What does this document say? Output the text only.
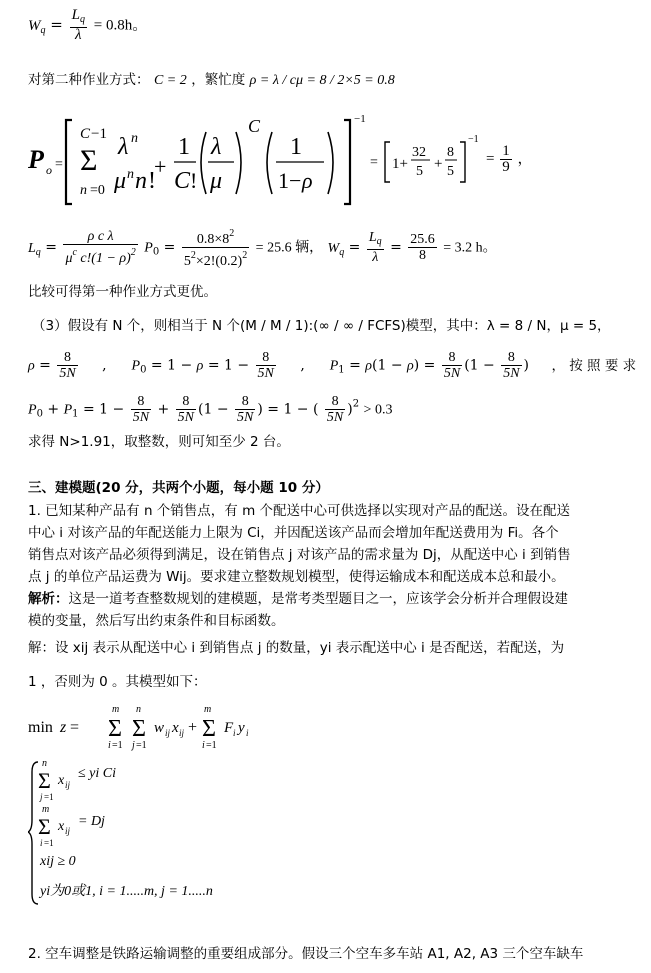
$W_q = \frac{L_q}{\lambda} = 0.8h$。
对第二种作业方式： C = 2 ，繁忙度 ρ = λ / cμ = 8 / 2×5 = 0.8
P o =
C −1
Σ
n =0
λ n
μ n n !
+
1
C !
λ
μ
C
1
1− ρ
−1
= 1+
32
5 +
8
5
−1
= $\frac{1}{9}$ ，
$L_q = \frac{\text{ρ c λ}}{\mu^c c!(1 - \rho)^2} P_0 = \frac{0.8\times 8^2}{5^2\times 2!(0.2)^2} = 25.6$ 辆， $W_q = \frac{L_q}{\lambda} = \frac{25.6}{8} = 3.2$ h。
比较可得第一种作业方式更优。
（3）假设有 N 个，则相当于 N 个(M / M / 1):(∞ / ∞ / FCFS)模型，其中：λ = 8 / N，μ = 5，
$\rho = \frac{8}{5N}$ ,  $P_0 = 1 - \rho = 1 - \frac{8}{5N}$ ,  $P_1 = \rho(1 - \rho) = \frac{8}{5N} (1 - \frac{8}{5N}$ ) ， 按 照 要 求
$P_0 + P_1 = 1 - \frac{8}{5N} + \frac{8}{5N} (1 - \frac{8}{5N}$ ) = 1 − ( $\frac{8}{5N} )^2 > 0.3$
求得 N>1.91，取整数，则可知至少 2 台。
三、建模题(20 分，共两个小题，每小题 10 分）
1. 已知某种产品有 n 个销售点，有 m 个配送中心可供选择以实现对产品的配送。设在配送
中心 i 对该产品的年配送能力上限为 Ci，并因配送该产品而会增加年配送费用为 Fi。各个
销售点对该产品必须得到满足，设在销售点 j 对该产品的需求量为 Dj，从配送中心 i 到销售
点 j 的单位产品运费为 Wij。要求建立整数规划模型，使得运输成本和配送成本总和最小。
解析：这是一道考查整数规划的建模题，是常考类型题目之一，应该学会分析并合理假设建
模的变量，然后写出约束条件和目标函数。
解：设 xij 表示从配送中心 i 到销售点 j 的数量，yi 表示配送中心 i 是否配送，若配送，为
1 ，否则为 0 。其模型如下：
min z =
m
Σ
i =1
n
Σ
j =1
w ij x ij +
m
Σ
i =1
F i y i
n
Σ
j =1
x ij
m
Σ
i =1
x ij
≤ yi Ci
= Dj
xij ≥ 0
yi为0或1, i = 1.....m, j = 1.....n
2. 空车调整是铁路运输调整的重要组成部分。假设三个空车多车站 A1, A2, A3 三个空车缺车
